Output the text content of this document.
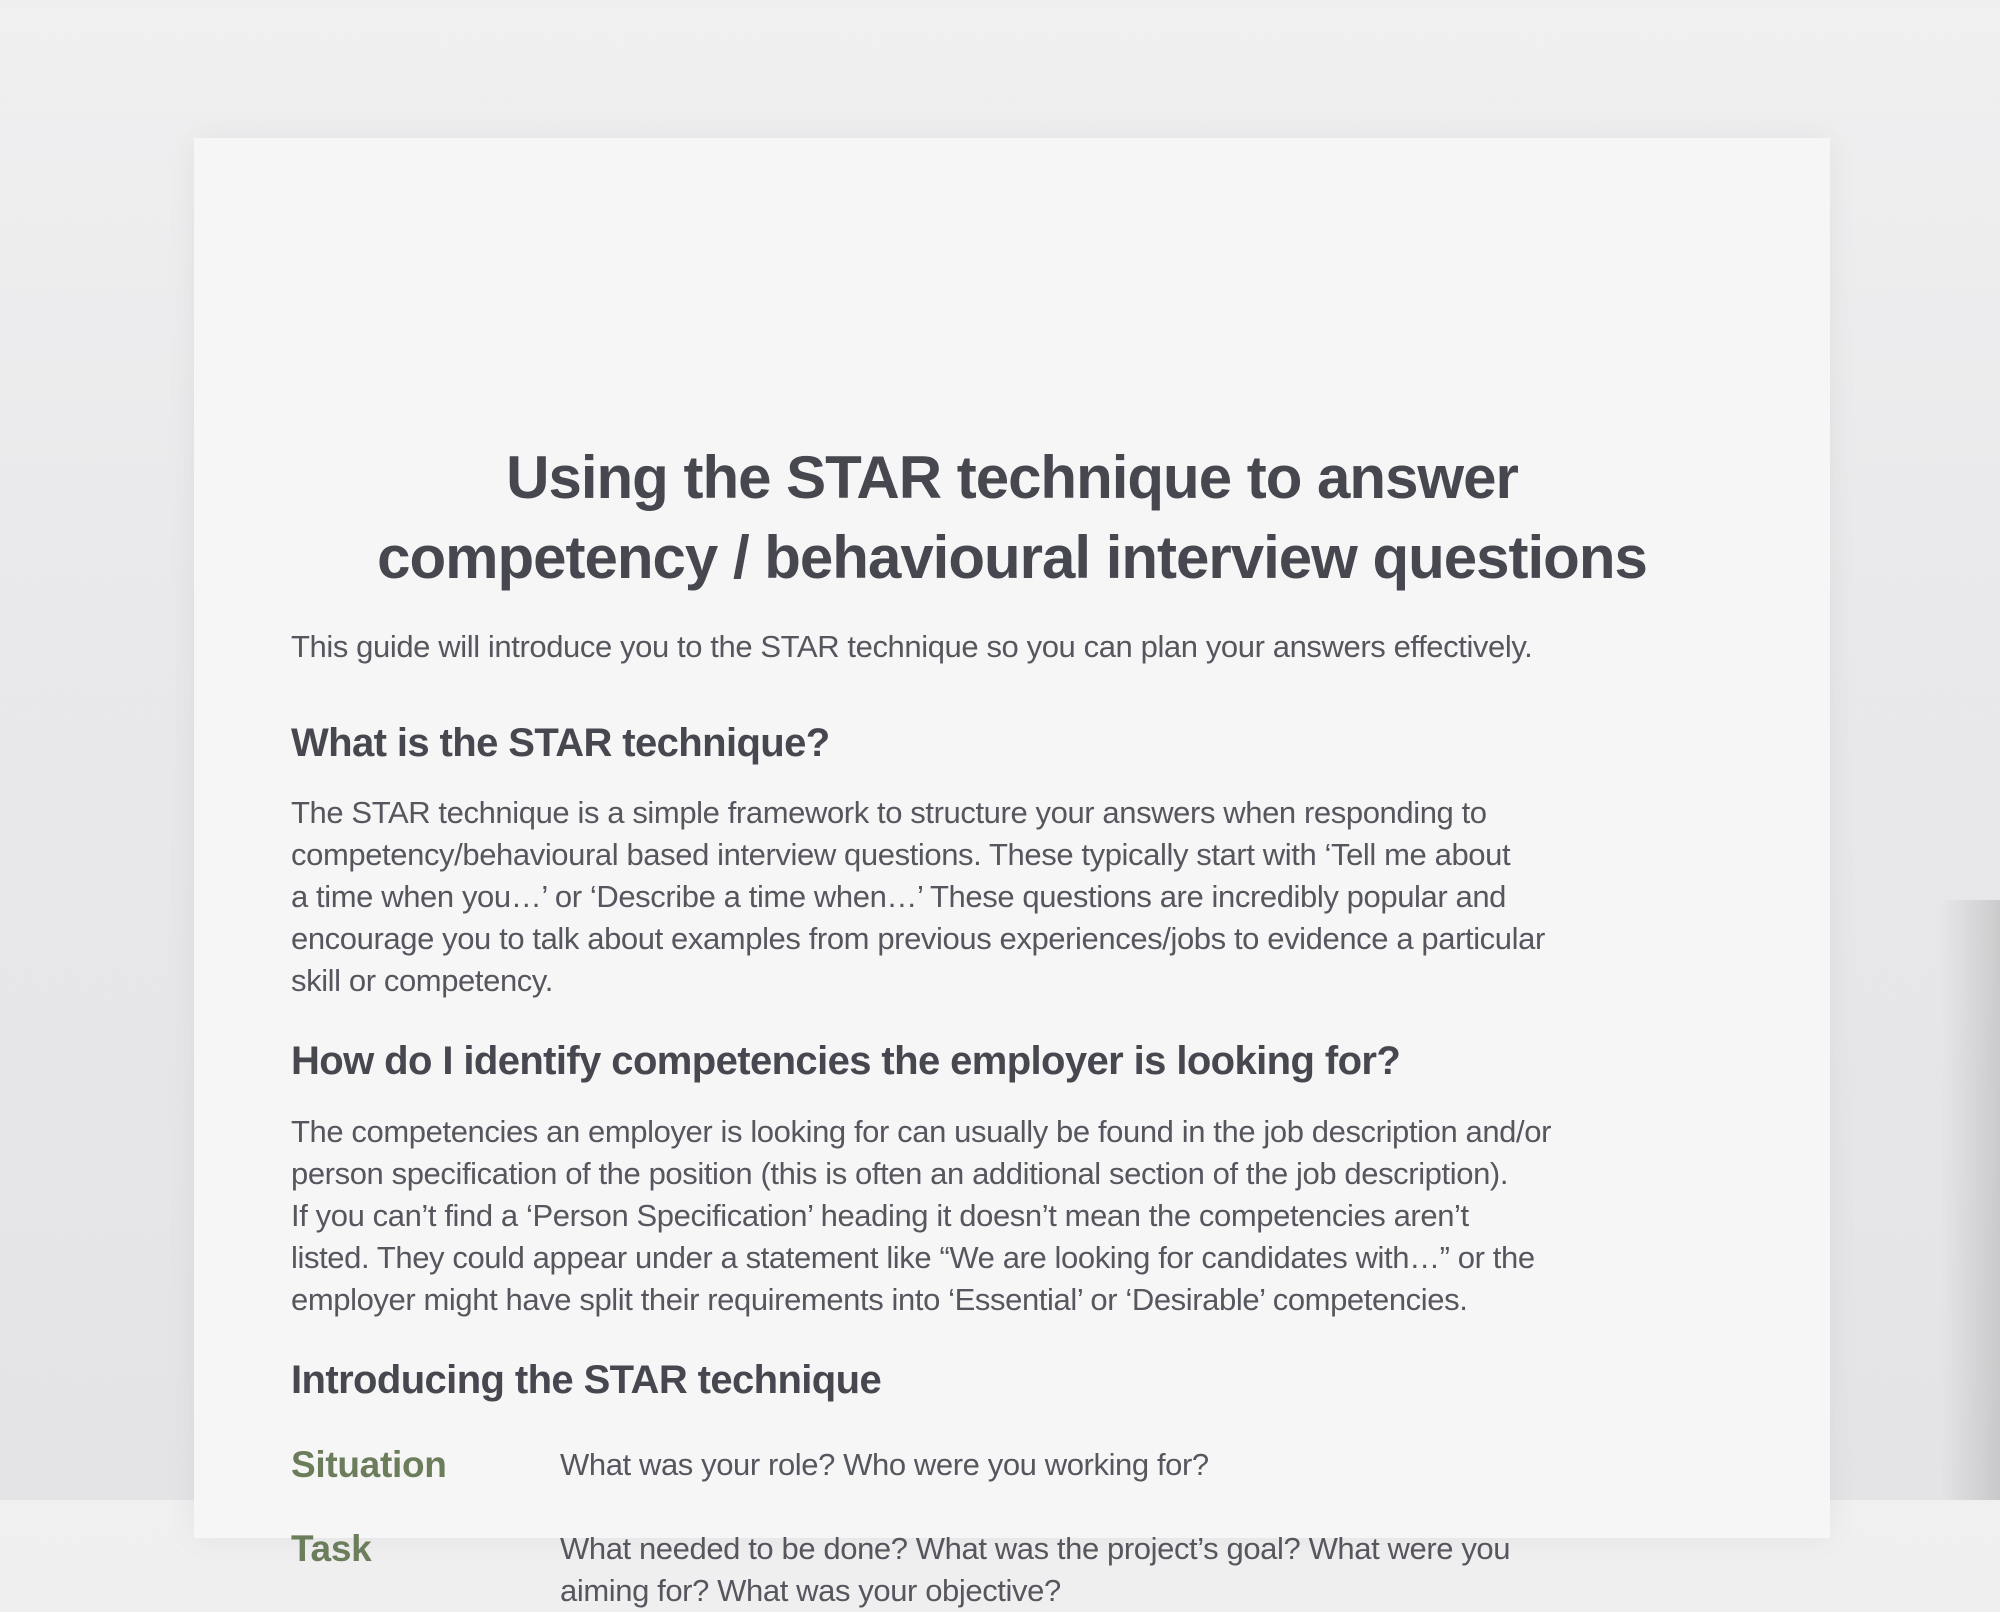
Using the STAR technique to answer
competency / behavioural interview questions
This guide will introduce you to the STAR technique so you can plan your answers effectively.
What is the STAR technique?
The STAR technique is a simple framework to structure your answers when responding to
competency/behavioural based interview questions. These typically start with ‘Tell me about
a time when you…’ or ‘Describe a time when…’ These questions are incredibly popular and
encourage you to talk about examples from previous experiences/jobs to evidence a particular
skill or competency.
How do I identify competencies the employer is looking for?
The competencies an employer is looking for can usually be found in the job description and/or
person specification of the position (this is often an additional section of the job description).
If you can’t find a ‘Person Specification’ heading it doesn’t mean the competencies aren’t
listed. They could appear under a statement like “We are looking for candidates with…” or the
employer might have split their requirements into ‘Essential’ or ‘Desirable’ competencies.
Introducing the STAR technique
Situation	What was your role? Who were you working for?
Task	What needed to be done? What was the project’s goal? What were you
aiming for? What was your objective?
